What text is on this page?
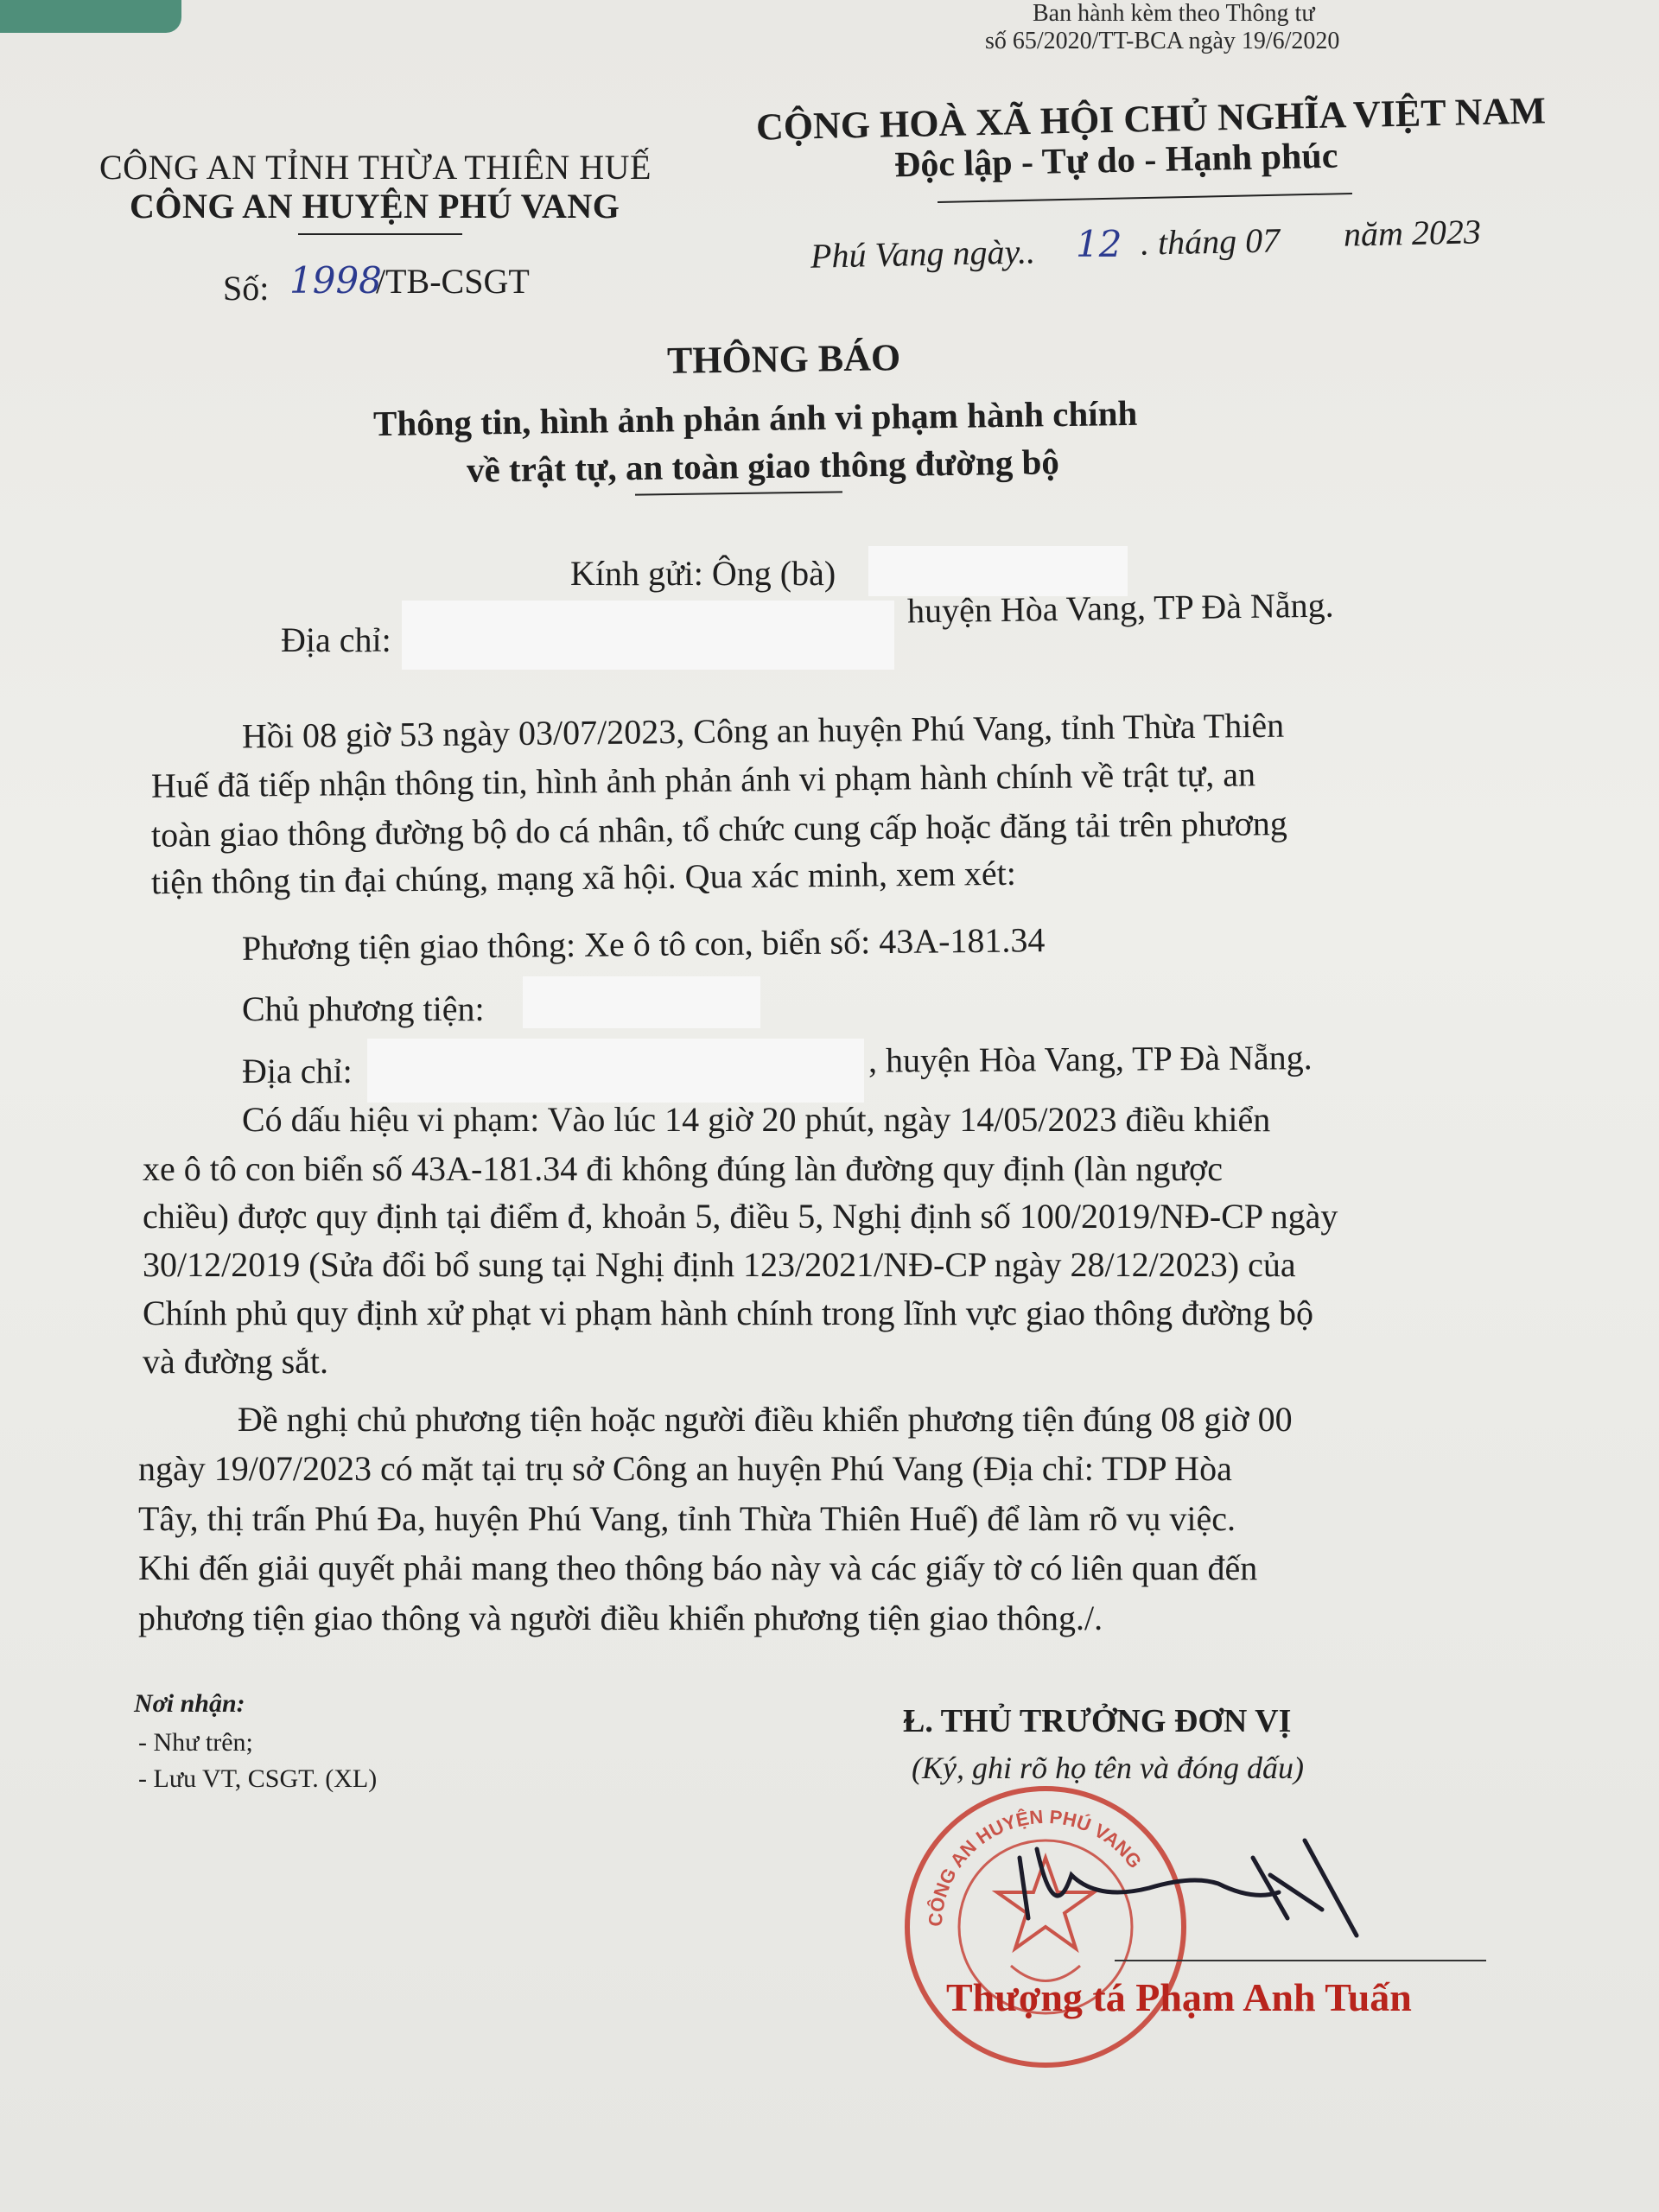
Ban hành kèm theo Thông tư
số 65/2020/TT-BCA ngày 19/6/2020
CÔNG AN TỈNH THỪA THIÊN HUẾ
CÔNG AN HUYỆN PHÚ VANG
CỘNG HOÀ XÃ HỘI CHỦ NGHĨA VIỆT NAM
Độc lập - Tự do - Hạnh phúc
Số: 1998
/TB-CSGT
Phú Vang ngày.. 12 . tháng 07 năm 2023
THÔNG BÁO
Thông tin, hình ảnh phản ánh vi phạm hành chính
về trật tự, an toàn giao thông đường bộ
Kính gửi: Ông (bà)
Địa chỉ:
huyện Hòa Vang, TP Đà Nẵng.
Hồi 08 giờ 53 ngày 03/07/2023, Công an huyện Phú Vang, tỉnh Thừa Thiên
Huế đã tiếp nhận thông tin, hình ảnh phản ánh vi phạm hành chính về trật tự, an
toàn giao thông đường bộ do cá nhân, tổ chức cung cấp hoặc đăng tải trên phương
tiện thông tin đại chúng, mạng xã hội. Qua xác minh, xem xét:
Phương tiện giao thông: Xe ô tô con, biển số: 43A-181.34
Chủ phương tiện:
Địa chỉ:	, huyện Hòa Vang, TP Đà Nẵng.
Có dấu hiệu vi phạm: Vào lúc 14 giờ 20 phút, ngày 14/05/2023 điều khiển
xe ô tô con biển số 43A-181.34 đi không đúng làn đường quy định (làn ngược
chiều) được quy định tại điểm đ, khoản 5, điều 5, Nghị định số 100/2019/NĐ-CP ngày
30/12/2019 (Sửa đổi bổ sung tại Nghị định 123/2021/NĐ-CP ngày 28/12/2023) của
Chính phủ quy định xử phạt vi phạm hành chính trong lĩnh vực giao thông đường bộ
và đường sắt.
Đề nghị chủ phương tiện hoặc người điều khiển phương tiện đúng 08 giờ 00
ngày 19/07/2023 có mặt tại trụ sở Công an huyện Phú Vang (Địa chỉ: TDP Hòa
Tây, thị trấn Phú Đa, huyện Phú Vang, tỉnh Thừa Thiên Huế) để làm rõ vụ việc.
Khi đến giải quyết phải mang theo thông báo này và các giấy tờ có liên quan đến
phương tiện giao thông và người điều khiển phương tiện giao thông./.
Nơi nhận:
- Như trên;
- Lưu VT, CSGT. (XL)
Ɫ. THỦ TRƯỞNG ĐƠN VỊ
(Ký, ghi rõ họ tên và đóng dấu)
CÔNG AN HUYỆN PHÚ VANG
Thượng tá Phạm Anh Tuấn
